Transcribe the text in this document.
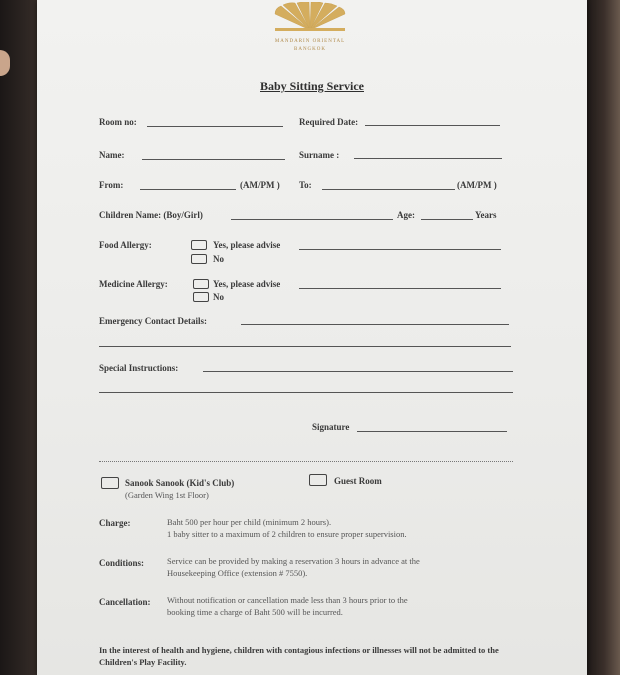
MANDARIN ORIENTAL
BANGKOK
Baby Sitting Service
Room no:	Required Date:
Name:	Surname :
From:	(AM/PM ) To:	(AM/PM )
Children Name: (Boy/Girl)	Age:	Years
Food Allergy:	Yes, please advise
No
Medicine Allergy:	Yes, please advise
No
Emergency Contact Details:
Special Instructions:
Signature
Sanook Sanook (Kid's Club)
(Garden Wing 1st Floor)
Guest Room
Charge:	Baht 500 per hour per child (minimum 2 hours).
1 baby sitter to a maximum of 2 children to ensure proper supervision.
Conditions:	Service can be provided by making a reservation 3 hours in advance at the
Housekeeping Office (extension # 7550).
Cancellation: Without notification or cancellation made less than 3 hours prior to the
booking time a charge of Baht 500 will be incurred.
In the interest of health and hygiene, children with contagious infections or illnesses will not be admitted to the Children's Play Facility.
